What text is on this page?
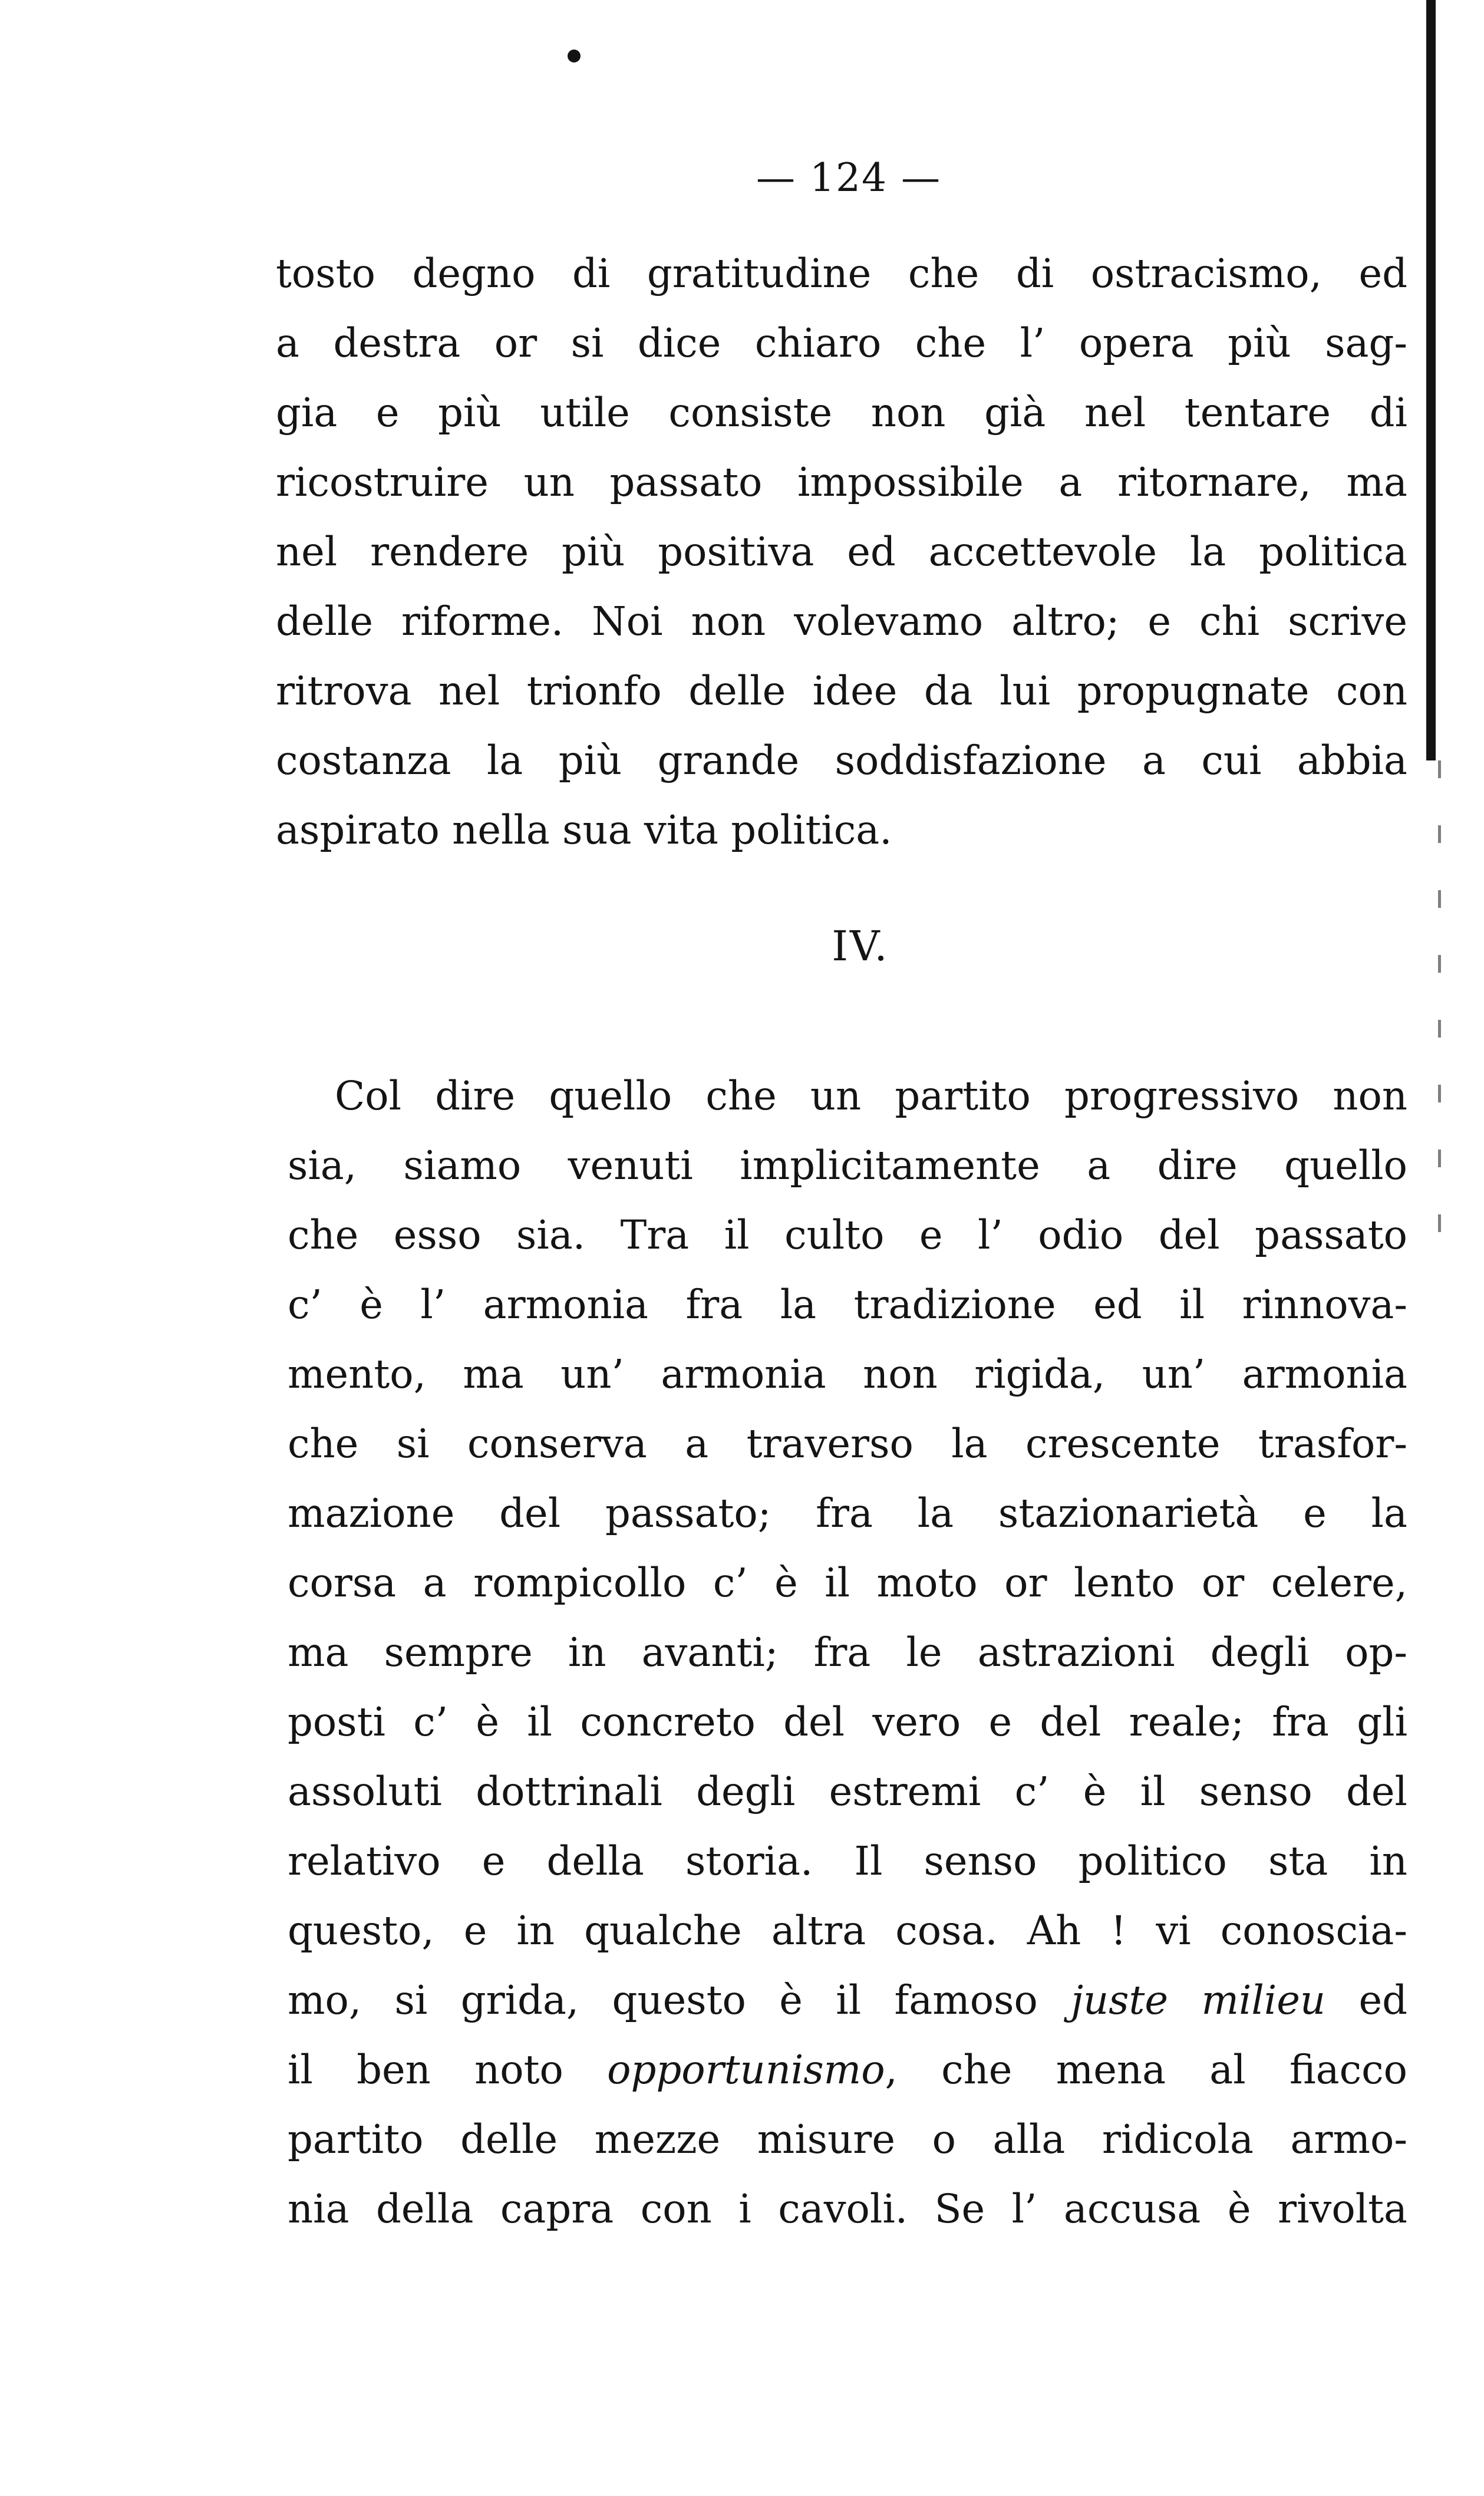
— 124 —
tosto degno di gratitudine che di ostracismo, ed
a destra or si dice chiaro che l’ opera più sag-
gia e più utile consiste non già nel tentare di
ricostruire un passato impossibile a ritornare, ma
nel rendere più positiva ed accettevole la politica
delle riforme. Noi non volevamo altro; e chi scrive
ritrova nel trionfo delle idee da lui propugnate con
costanza la più grande soddisfazione a cui abbia
aspirato nella sua vita politica.
IV.
Col dire quello che un partito progressivo non
sia, siamo venuti implicitamente a dire quello
che esso sia. Tra il culto e l’ odio del passato
c’ è l’ armonia fra la tradizione ed il rinnova-
mento, ma un’ armonia non rigida, un’ armonia
che si conserva a traverso la crescente trasfor-
mazione del passato; fra la stazionarietà e la
corsa a rompicollo c’ è il moto or lento or celere,
ma sempre in avanti; fra le astrazioni degli op-
posti c’ è il concreto del vero e del reale; fra gli
assoluti dottrinali degli estremi c’ è il senso del
relativo e della storia. Il senso politico sta in
questo, e in qualche altra cosa. Ah ! vi conoscia-
mo, si grida, questo è il famoso juste milieu ed
il ben noto opportunismo, che mena al fiacco
partito delle mezze misure o alla ridicola armo-
nia della capra con i cavoli. Se l’ accusa è rivolta
